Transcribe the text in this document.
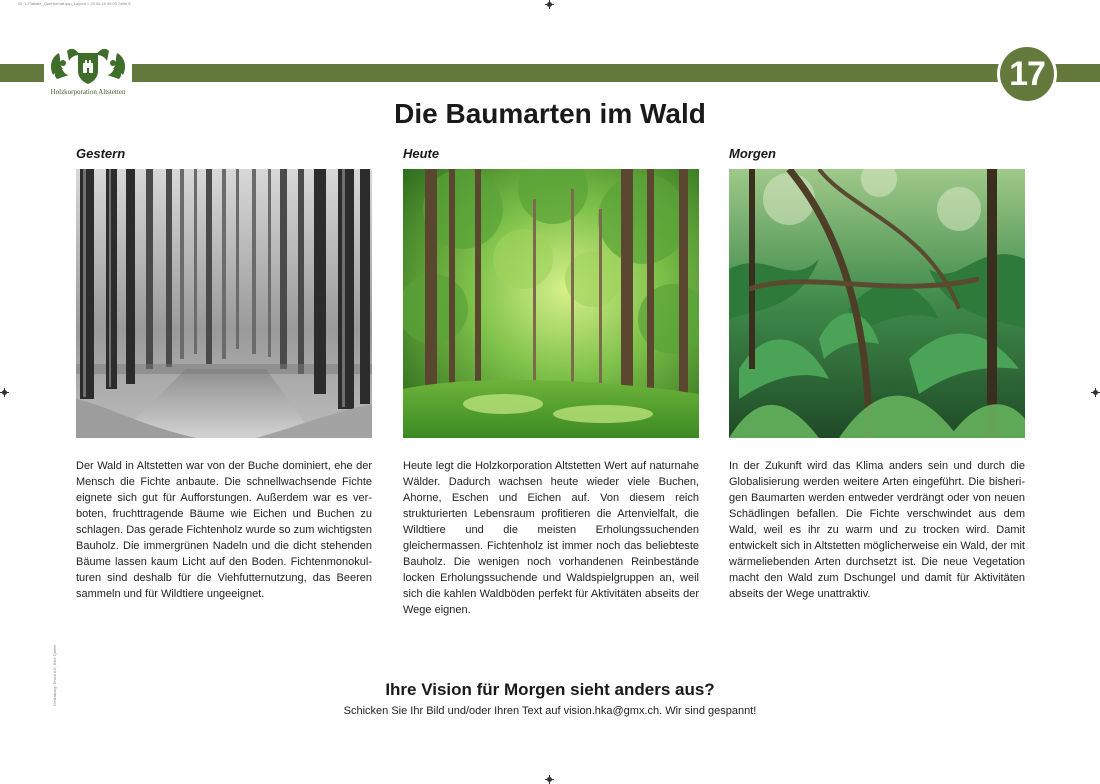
06_1-Plakate_Querformat.qxp_Layout 1 29.04.19 09:00 Seite 6
Gestaltung: Druck AG, Bild: Quelle
Holzkorporation Altstetten	17
Die Baumarten im Wald
Gestern
Der Wald in Altstetten war von der Buche dominiert, ehe der Mensch die Fichte anbaute. Die schnellwachsende Fichte eignete sich gut für Aufforstungen. Außerdem war es verboten, fruchttragende Bäume wie Eichen und Buchen zu schlagen. Das gerade Fichtenholz wurde so zum wichtigsten Bauholz. Die immergrünen Nadeln und die dicht stehenden Bäume lassen kaum Licht auf den Boden. Fichtenmonokulturen sind deshalb für die Viehfutternutzung, das Beeren sammeln und für Wildtiere ungeeignet.
Heute
Heute legt die Holzkorporation Altstetten Wert auf naturnahe Wälder. Dadurch wachsen heute wieder viele Buchen, Ahorne, Eschen und Eichen auf. Von diesem reich strukturierten Lebensraum profitieren die Artenvielfalt, die Wildtiere und die meisten Erholungssuchenden gleichermassen. Fichtenholz ist immer noch das beliebteste Bauholz. Die wenigen noch vorhandenen Reinbestände locken Erholungssuchende und Waldspielgruppen an, weil sich die kahlen Waldböden perfekt für Aktivitäten abseits der Wege eignen.
Morgen
In der Zukunft wird das Klima anders sein und durch die Globalisierung werden weitere Arten eingeführt. Die bisherigen Baumarten werden entweder verdrängt oder von neuen Schädlingen befallen. Die Fichte verschwindet aus dem Wald, weil es ihr zu warm und zu trocken wird. Damit entwickelt sich in Altstetten möglicherweise ein Wald, der mit wärmeliebenden Arten durchsetzt ist. Die neue Vegetation macht den Wald zum Dschungel und damit für Aktivitäten abseits der Wege unattraktiv.
Ihre Vision für Morgen sieht anders aus?
Schicken Sie Ihr Bild und/oder Ihren Text auf vision.hka@gmx.ch. Wir sind gespannt!
